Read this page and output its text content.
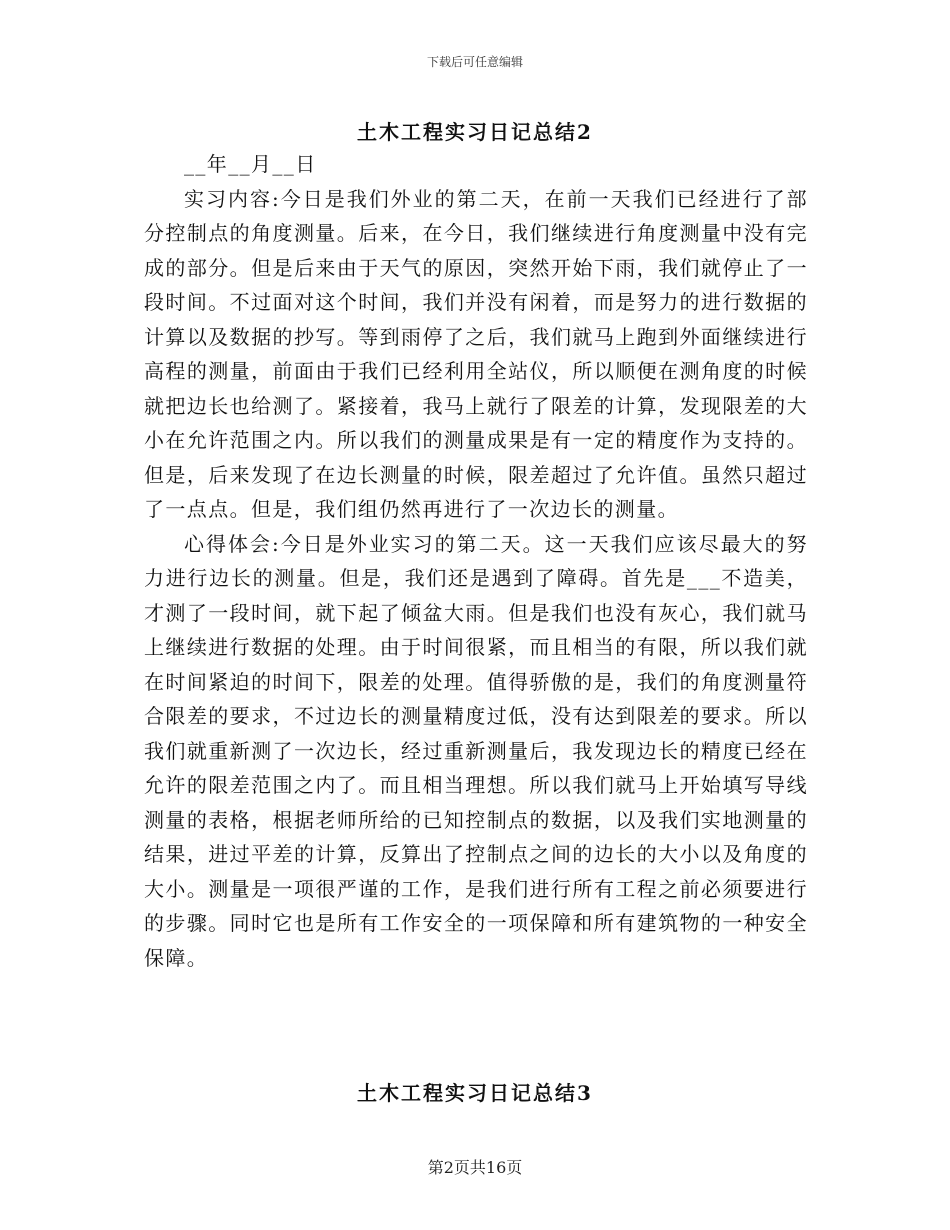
下载后可任意编辑
土木工程实习日记总结2

__年__月__日

实习内容:今日是我们外业的第二天，在前一天我们已经进行了部分控制点的角度测量。后来，在今日，我们继续进行角度测量中没有完成的部分。但是后来由于天气的原因，突然开始下雨，我们就停止了一段时间。不过面对这个时间，我们并没有闲着，而是努力的进行数据的计算以及数据的抄写。等到雨停了之后，我们就马上跑到外面继续进行高程的测量，前面由于我们已经利用全站仪，所以顺便在测角度的时候就把边长也给测了。紧接着，我马上就行了限差的计算，发现限差的大小在允许范围之内。所以我们的测量成果是有一定的精度作为支持的。但是，后来发现了在边长测量的时候，限差超过了允许值。虽然只超过了一点点。但是，我们组仍然再进行了一次边长的测量。

心得体会:今日是外业实习的第二天。这一天我们应该尽最大的努力进行边长的测量。但是，我们还是遇到了障碍。首先是___不造美，才测了一段时间，就下起了倾盆大雨。但是我们也没有灰心，我们就马上继续进行数据的处理。由于时间很紧，而且相当的有限，所以我们就在时间紧迫的时间下，限差的处理。值得骄傲的是，我们的角度测量符合限差的要求，不过边长的测量精度过低，没有达到限差的要求。所以我们就重新测了一次边长，经过重新测量后，我发现边长的精度已经在允许的限差范围之内了。而且相当理想。所以我们就马上开始填写导线测量的表格，根据老师所给的已知控制点的数据，以及我们实地测量的结果，进过平差的计算，反算出了控制点之间的边长的大小以及角度的大小。测量是一项很严谨的工作，是我们进行所有工程之前必须要进行的步骤。同时它也是所有工作安全的一项保障和所有建筑物的一种安全保障。

土木工程实习日记总结3
第2页共16页
